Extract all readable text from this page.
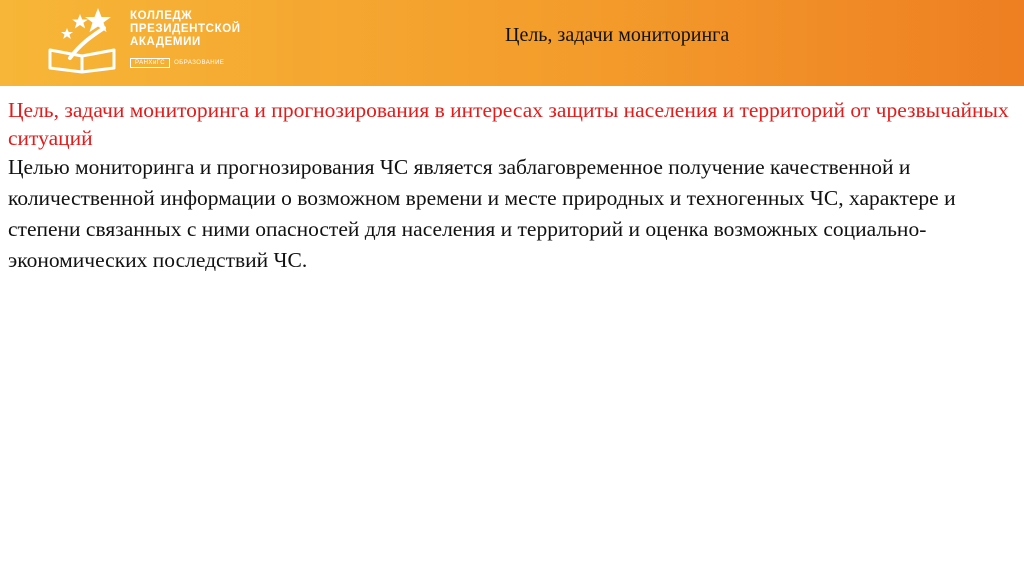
КОЛЛЕДЖ
ПРЕЗИДЕНТСКОЙ
АКАДЕМИИ
РАНХиГС	ОБРАЗОВАНИЕ
Цель, задачи мониторинга

Цель, задачи мониторинга и прогнозирования в интересах защиты населения и территорий от чрезвычайных ситуаций

Целью мониторинга и прогнозирования ЧС является заблаговременное получение качественной и количественной информации о возможном времени и месте природных и техногенных ЧС, характере и степени связанных с ними опасностей для населения и территорий и оценка возможных социально-экономических последствий ЧС.
